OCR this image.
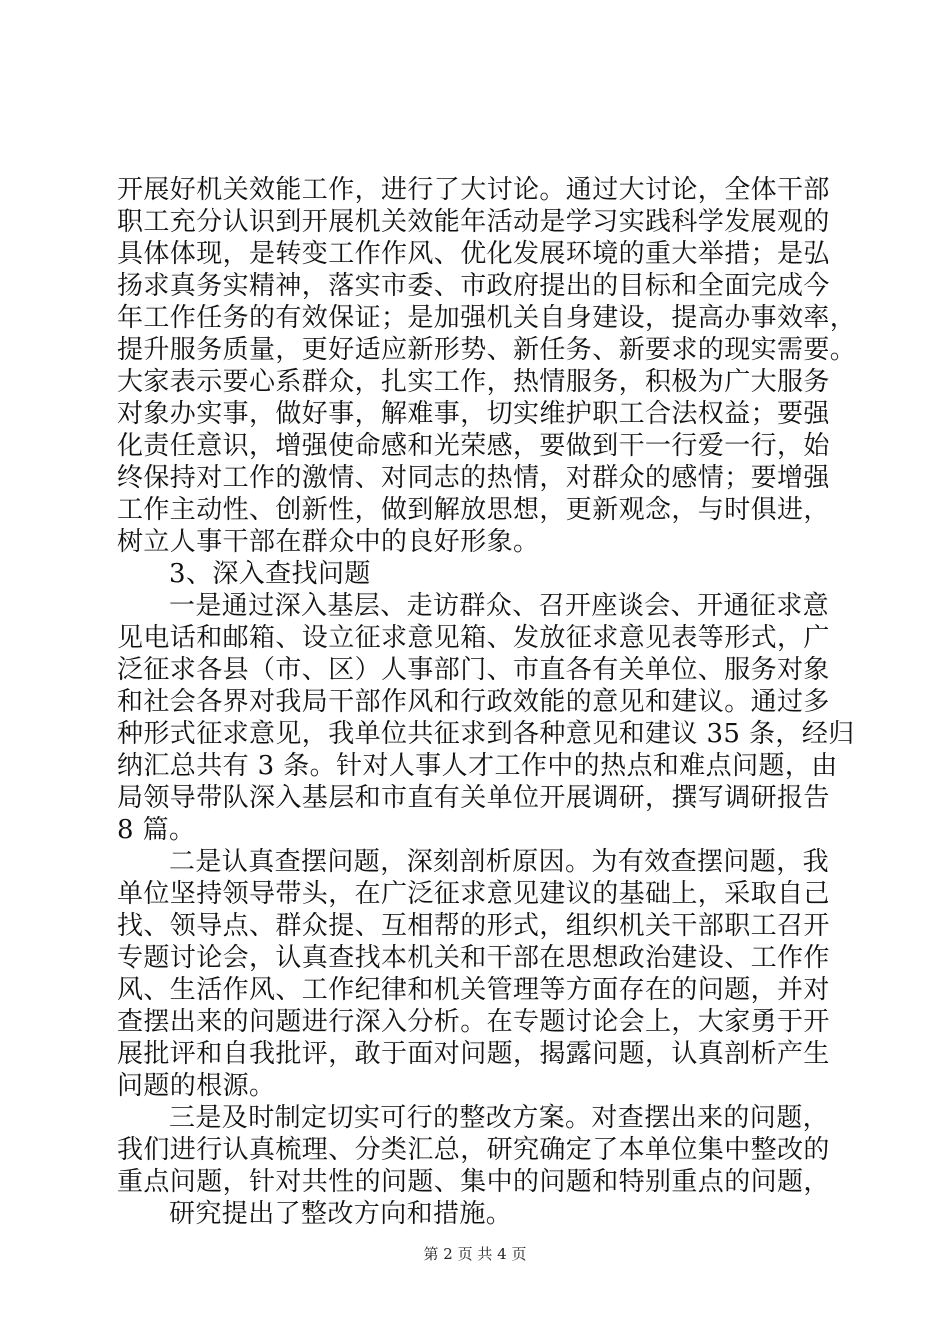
开展好机关效能工作，进行了大讨论。通过大讨论，全体干部
职工充分认识到开展机关效能年活动是学习实践科学发展观的
具体体现，是转变工作作风、优化发展环境的重大举措；是弘
扬求真务实精神，落实市委、市政府提出的目标和全面完成今
年工作任务的有效保证；是加强机关自身建设，提高办事效率，
提升服务质量，更好适应新形势、新任务、新要求的现实需要。
大家表示要心系群众，扎实工作，热情服务，积极为广大服务
对象办实事，做好事，解难事，切实维护职工合法权益；要强
化责任意识，增强使命感和光荣感，要做到干一行爱一行，始
终保持对工作的激情、对同志的热情，对群众的感情；要增强
工作主动性、创新性，做到解放思想，更新观念，与时俱进，
树立人事干部在群众中的良好形象。
3、深入查找问题
一是通过深入基层、走访群众、召开座谈会、开通征求意
见电话和邮箱、设立征求意见箱、发放征求意见表等形式，广
泛征求各县（市、区）人事部门、市直各有关单位、服务对象
和社会各界对我局干部作风和行政效能的意见和建议。通过多
种形式征求意见，我单位共征求到各种意见和建议 35 条，经归
纳汇总共有 3 条。针对人事人才工作中的热点和难点问题，由
局领导带队深入基层和市直有关单位开展调研，撰写调研报告
8 篇。
二是认真查摆问题，深刻剖析原因。为有效查摆问题，我
单位坚持领导带头，在广泛征求意见建议的基础上，采取自己
找、领导点、群众提、互相帮的形式，组织机关干部职工召开
专题讨论会，认真查找本机关和干部在思想政治建设、工作作
风、生活作风、工作纪律和机关管理等方面存在的问题，并对
查摆出来的问题进行深入分析。在专题讨论会上，大家勇于开
展批评和自我批评，敢于面对问题，揭露问题，认真剖析产生
问题的根源。
三是及时制定切实可行的整改方案。对查摆出来的问题，
我们进行认真梳理、分类汇总，研究确定了本单位集中整改的
重点问题，针对共性的问题、集中的问题和特别重点的问题，
研究提出了整改方向和措施。
第 2 页 共 4 页
